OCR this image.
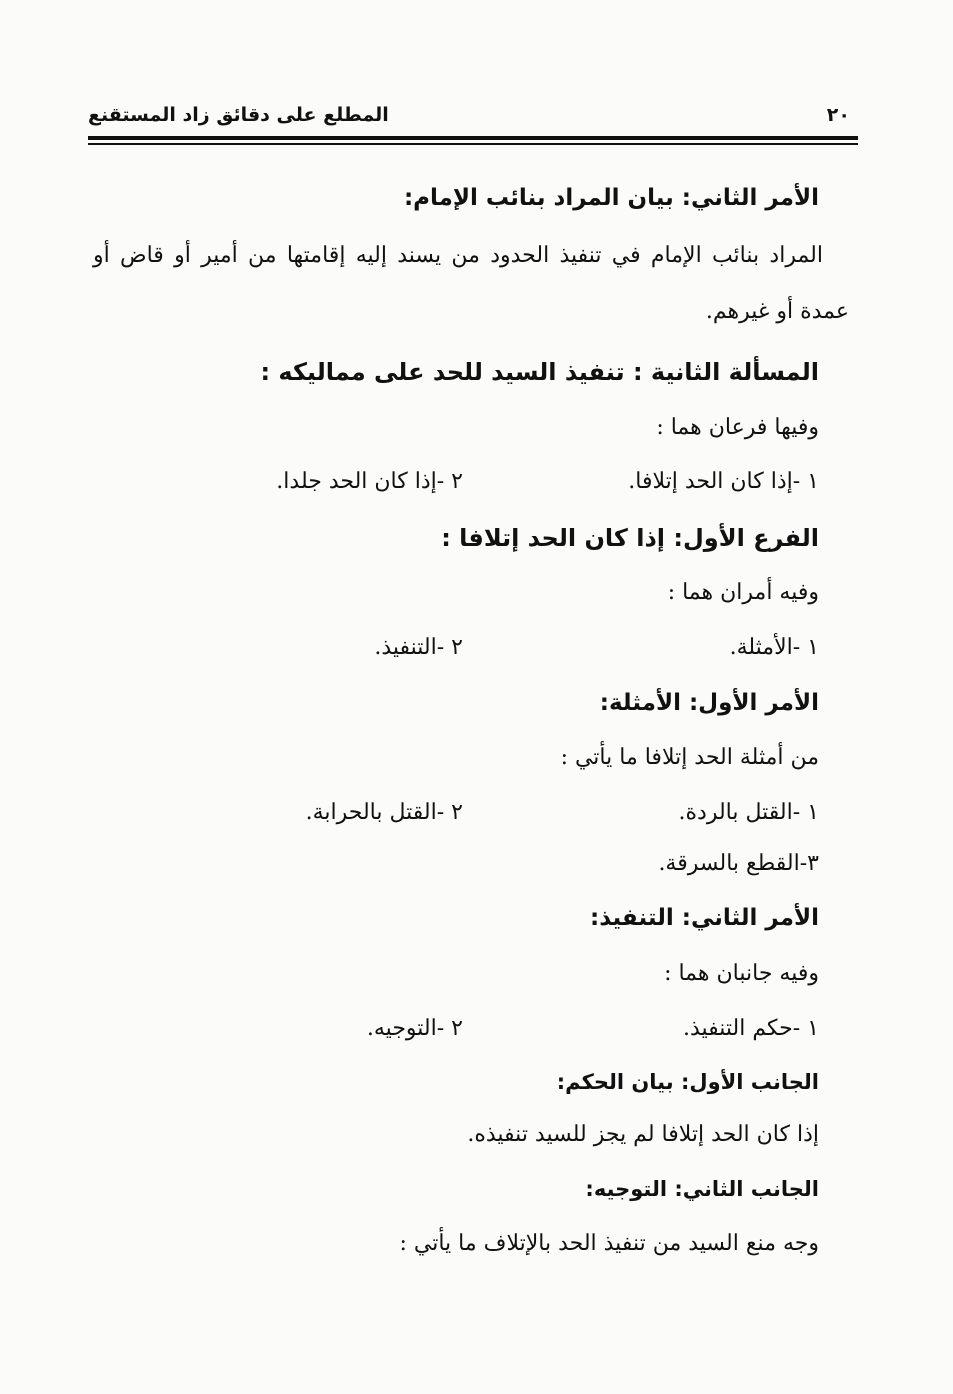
المطلع على دقائق زاد المستقنع	٢٠
الأمر الثاني: بيان المراد بنائب الإمام:
المراد بنائب الإمام في تنفيذ الحدود من يسند إليه إقامتها من أمير أو قاض أو
عمدة أو غيرهم.
المسألة الثانية : تنفيذ السيد للحد على مماليكه :
وفيها فرعان هما :
١ -إذا كان الحد إتلافا.
٢ -إذا كان الحد جلدا.
الفرع الأول: إذا كان الحد إتلافا :
وفيه أمران هما :
١ -الأمثلة.
٢ -التنفيذ.
الأمر الأول: الأمثلة:
من أمثلة الحد إتلافا ما يأتي :
١ -القتل بالردة.
٢ -القتل بالحرابة.
٣-القطع بالسرقة.
الأمر الثاني: التنفيذ:
وفيه جانبان هما :
١ -حكم التنفيذ.
٢ -التوجيه.
الجانب الأول: بيان الحكم:
إذا كان الحد إتلافا لم يجز للسيد تنفيذه.
الجانب الثاني: التوجيه:
وجه منع السيد من تنفيذ الحد بالإتلاف ما يأتي :
